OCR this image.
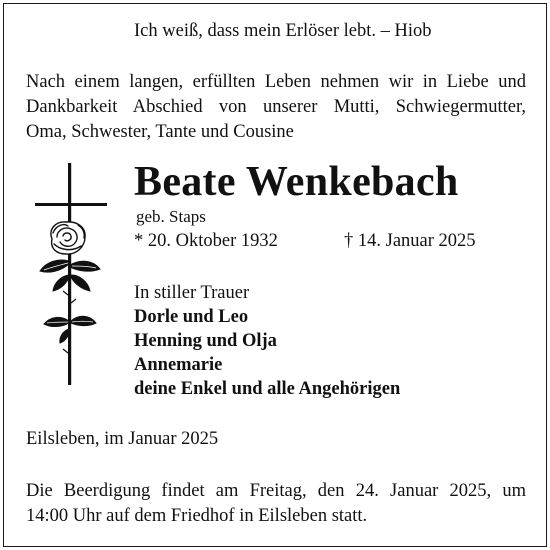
Ich weiß, dass mein Erlöser lebt. – Hiob
Nach einem langen, erfüllten Leben nehmen wir in Liebe und
Dankbarkeit Abschied von unserer Mutti, Schwiegermutter,
Oma, Schwester, Tante und Cousine
Beate Wenkebach
geb. Staps
* 20. Oktober 1932	† 14. Januar 2025
In stiller Trauer
Dorle und Leo
Henning und Olja
Annemarie
deine Enkel und alle Angehörigen
Eilsleben, im Januar 2025
Die Beerdigung findet am Freitag, den 24. Januar 2025, um
14:00 Uhr auf dem Friedhof in Eilsleben statt.
